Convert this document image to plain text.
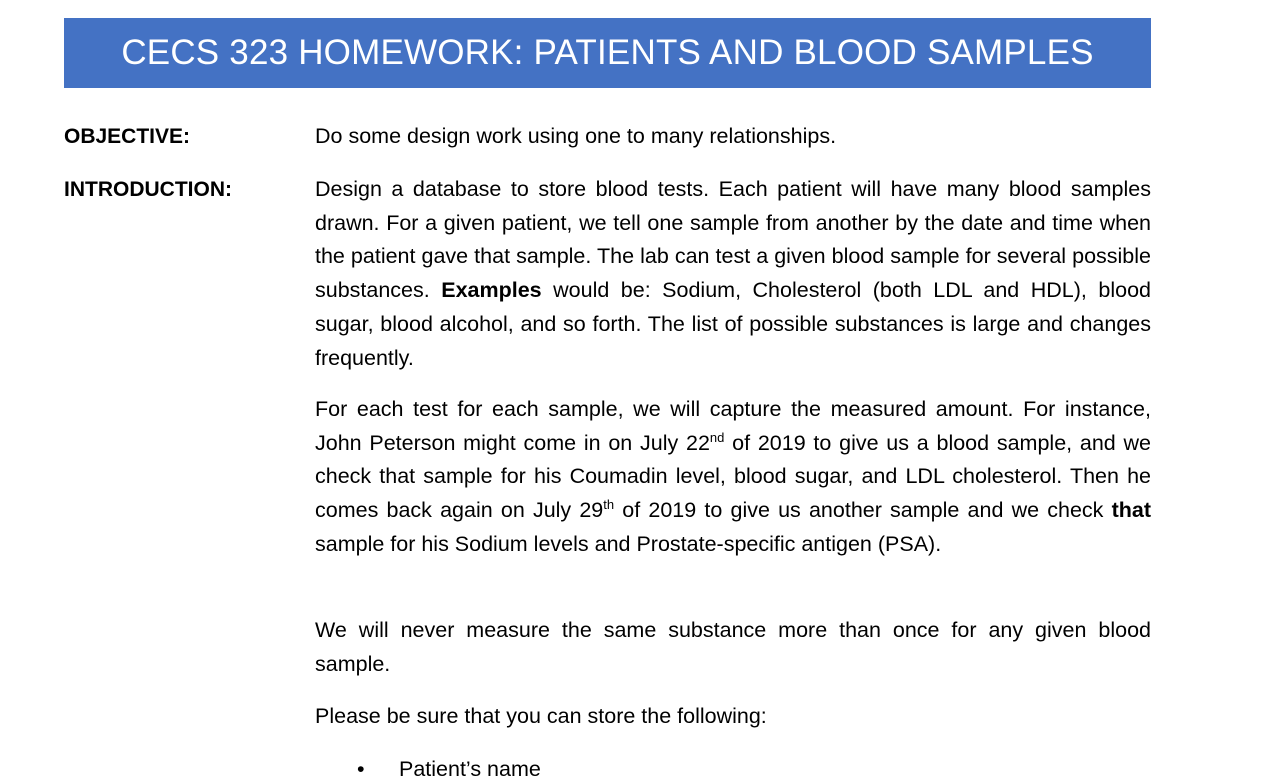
CECS 323 HOMEWORK: PATIENTS AND BLOOD SAMPLES
OBJECTIVE:	Do some design work using one to many relationships.

INTRODUCTION:	Design a database to store blood tests. Each patient will have many blood samples drawn. For a given patient, we tell one sample from another by the date and time when the patient gave that sample. The lab can test a given blood sample for several possible substances. Examples would be: Sodium, Cholesterol (both LDL and HDL), blood sugar, blood alcohol, and so forth. The list of possible substances is large and changes frequently.

For each test for each sample, we will capture the measured amount. For instance, John Peterson might come in on July 22nd of 2019 to give us a blood sample, and we check that sample for his Coumadin level, blood sugar, and LDL cholesterol. Then he comes back again on July 29th of 2019 to give us another sample and we check that sample for his Sodium levels and Prostate-specific antigen (PSA).

We will never measure the same substance more than once for any given blood sample.

Please be sure that you can store the following:

• Patient’s name
